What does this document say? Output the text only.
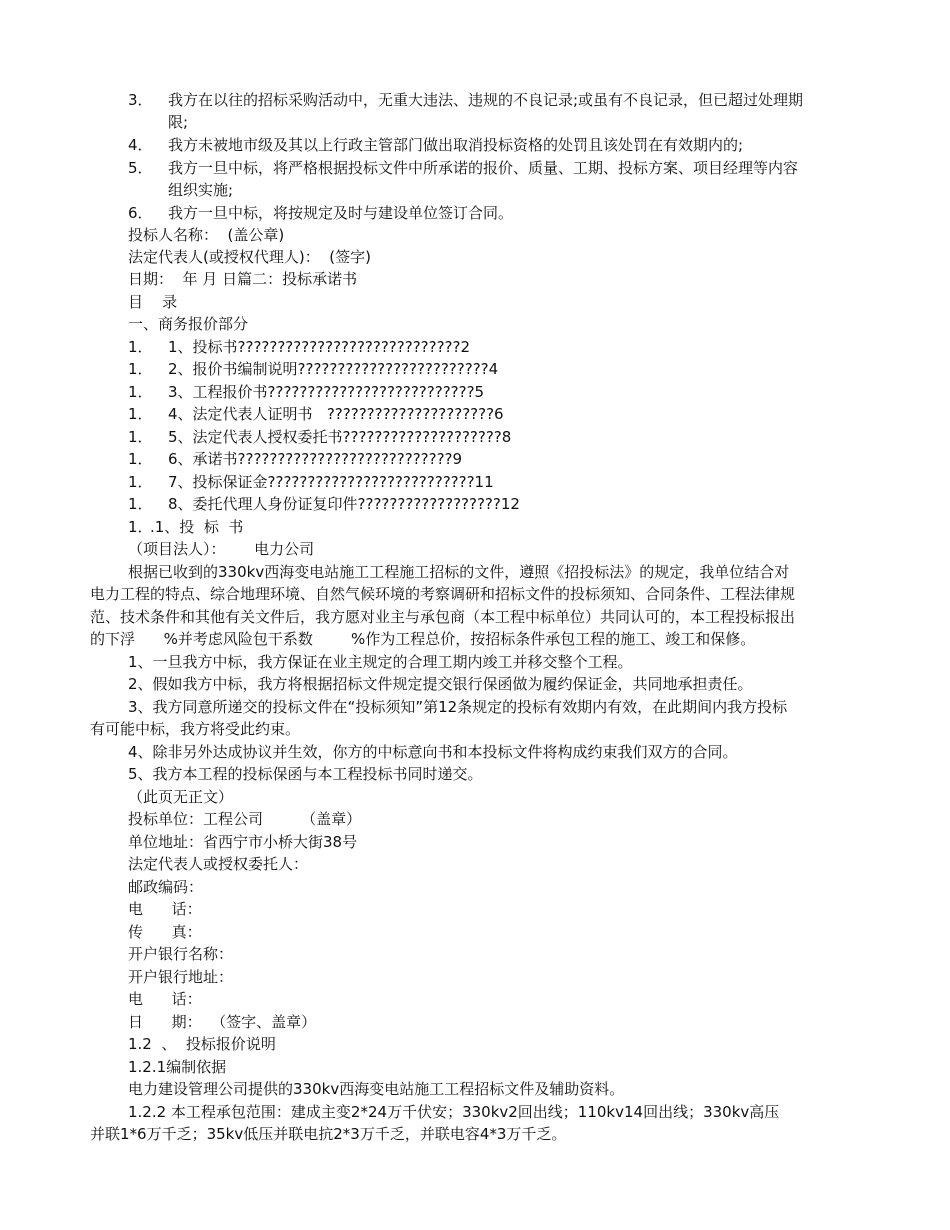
3． 我方在以往的招标采购活动中，无重大违法、违规的不良记录;或虽有不良记录，但已超过处理期
限;
4． 我方未被地市级及其以上行政主管部门做出取消投标资格的处罚且该处罚在有效期内的;
5． 我方一旦中标，将严格根据投标文件中所承诺的报价、质量、工期、投标方案、项目经理等内容
组织实施;
6． 我方一旦中标，将按规定及时与建设单位签订合同。
投标人名称：  (盖公章)
法定代表人(或授权代理人)：  (签字)
日期：  年 月 日篇二：投标承诺书
目    录
一、商务报价部分
1． 1、投标书????????????????????????????2
1． 2、报价书编制说明????????????????????????4
1． 3、工程报价书??????????????????????????5
1． 4、法定代表人证明书   ?????????????????????6
1． 5、法定代表人授权委托书????????????????????8
1． 6、承诺书???????????????????????????9
1． 7、投标保证金??????????????????????????11
1． 8、委托代理人身份证复印件??????????????????12
1．
.1、投  标  书
（项目法人）：      电力公司
根据已收到的330kv西海变电站施工工程施工招标的文件，遵照《招投标法》的规定，我单位结合对
电力工程的特点、综合地理环境、自然气候环境的考察调研和招标文件的投标须知、合同条件、工程法律规
范、技术条件和其他有关文件后，我方愿对业主与承包商（本工程中标单位）共同认可的，本工程投标报出
的下浮      %并考虑风险包干系数        %作为工程总价，按招标条件承包工程的施工、竣工和保修。
1、一旦我方中标，我方保证在业主规定的合理工期内竣工并移交整个工程。
2、假如我方中标，我方将根据招标文件规定提交银行保函做为履约保证金，共同地承担责任。
3、我方同意所递交的投标文件在“投标须知”第12条规定的投标有效期内有效，在此期间内我方投标
有可能中标，我方将受此约束。
4、除非另外达成协议并生效，你方的中标意向书和本投标文件将构成约束我们双方的合同。
5、我方本工程的投标保函与本工程投标书同时递交。
（此页无正文）
投标单位：工程公司        （盖章）
单位地址：省西宁市小桥大街38号
法定代表人或授权委托人：
邮政编码：
电      话：
传      真：
开户银行名称：
开户银行地址：
电      话：
日      期：  （签字、盖章）
1.2  、  投标报价说明
1.2.1编制依据
电力建设管理公司提供的330kv西海变电站施工工程招标文件及辅助资料。
1.2.2 本工程承包范围：建成主变2*24万千伏安；330kv2回出线；110kv14回出线；330kv高压
并联1*6万千乏；35kv低压并联电抗2*3万千乏，并联电容4*3万千乏。
